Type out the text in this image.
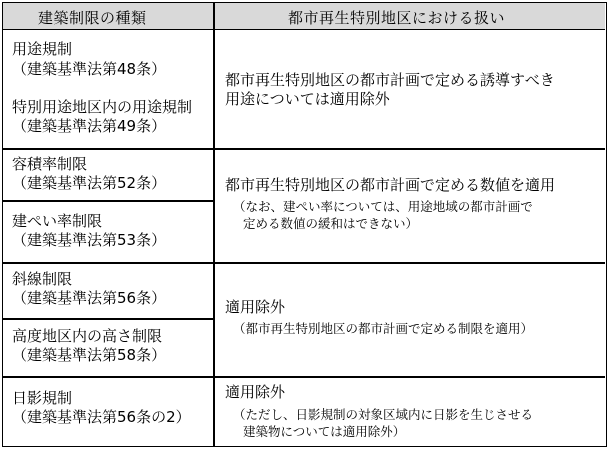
建築制限の種類	都市再生特別地区における扱い
用途規制
（建築基準法第48条）
特別用途地区内の用途規制
（建築基準法第49条）
都市再生特別地区の都市計画で定める誘導すべき
用途については適用除外
容積率制限
（建築基準法第52条）
建ぺい率制限
（建築基準法第53条）
都市再生特別地区の都市計画で定める数値を適用
（なお、建ぺい率については、用途地域の都市計画で
定める数値の緩和はできない）
斜線制限
（建築基準法第56条）
高度地区内の高さ制限
（建築基準法第58条）
適用除外
（都市再生特別地区の都市計画で定める制限を適用）
日影規制
（建築基準法第56条の2）
適用除外
（ただし、日影規制の対象区域内に日影を生じさせる
建築物については適用除外）
